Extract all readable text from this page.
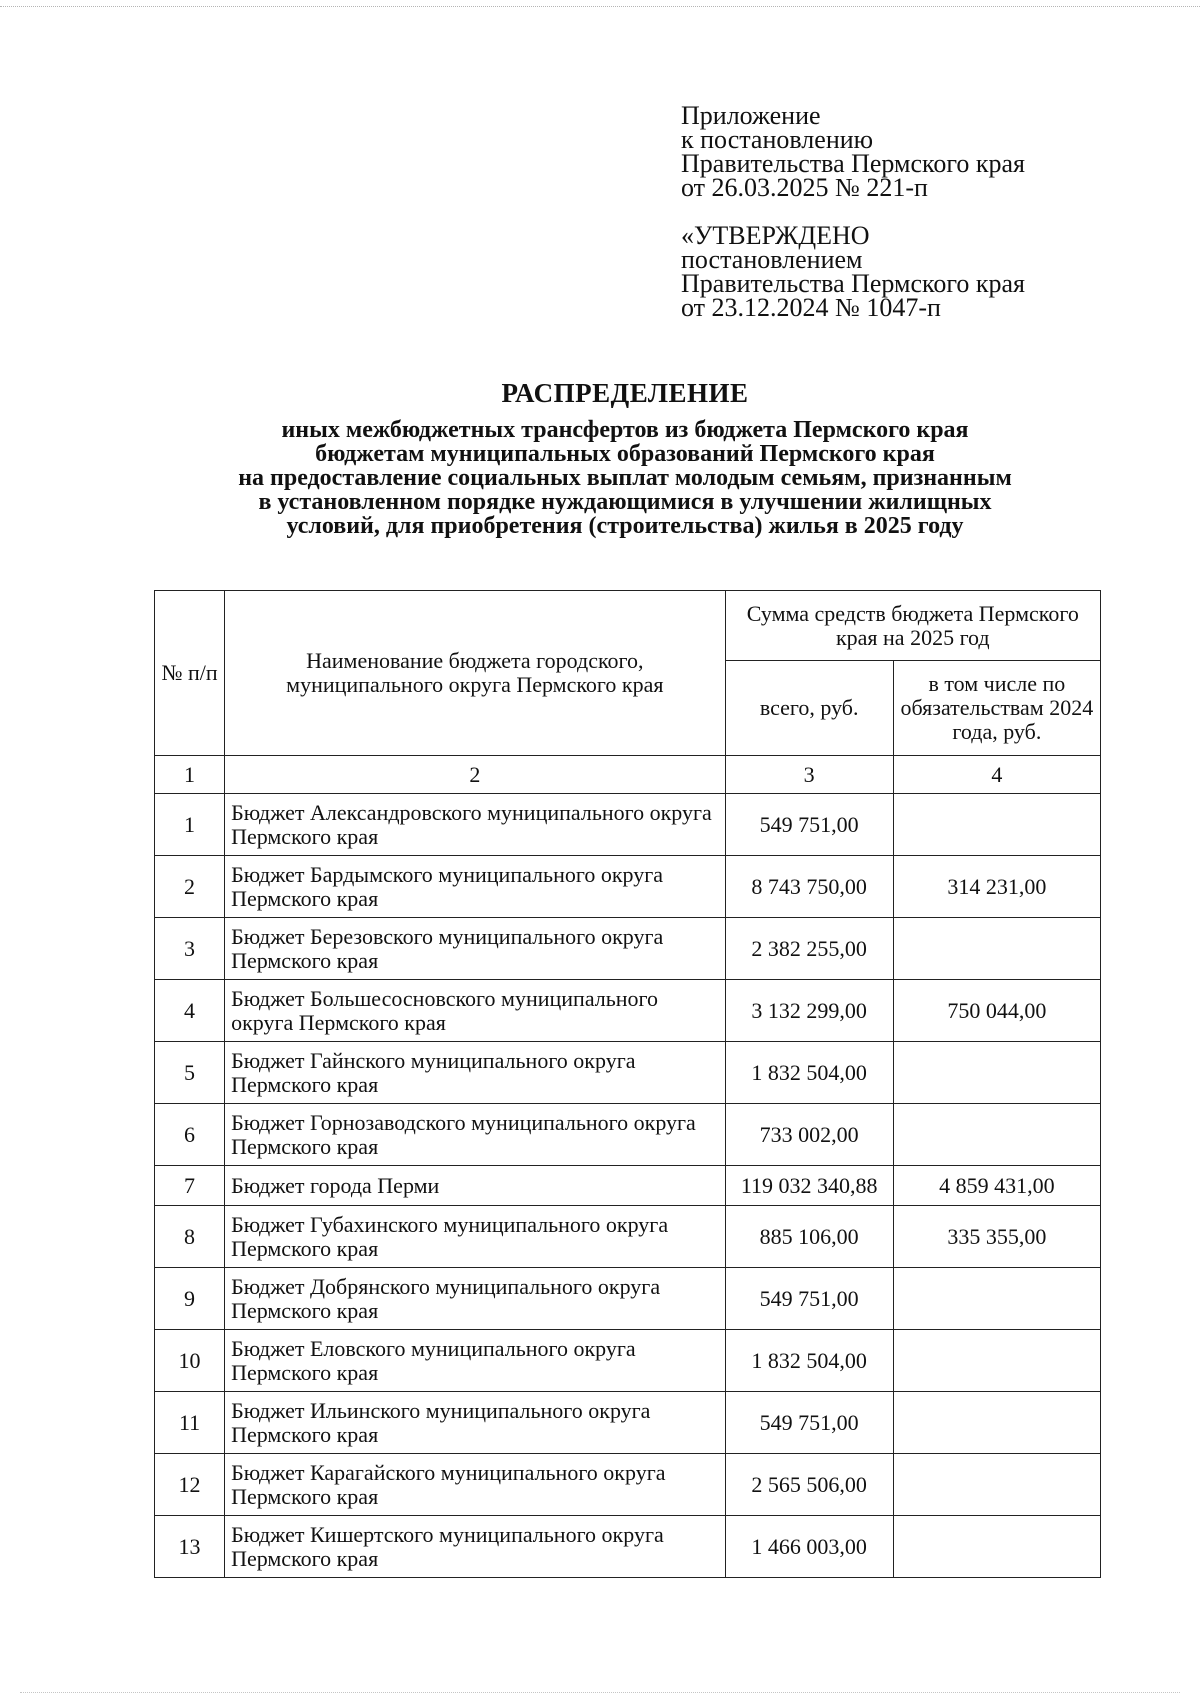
Приложение
к постановлению
Правительства Пермского края
от 26.03.2025 № 221-п
«УТВЕРЖДЕНО
постановлением
Правительства Пермского края
от 23.12.2024 № 1047-п
РАСПРЕДЕЛЕНИЕ
иных межбюджетных трансфертов из бюджета Пермского края
бюджетам муниципальных образований Пермского края
на предоставление социальных выплат молодым семьям, признанным
в установленном порядке нуждающимися в улучшении жилищных
условий, для приобретения (строительства) жилья в 2025 году
№ п/п	Наименование бюджета городского, муниципального округа Пермского края	Сумма средств бюджета Пермского края на 2025 год	
		всего, руб.	в том числе по обязательствам 2024 года, руб.
1	2	3	4
1	Бюджет Александровского муниципального округа Пермского края	549 751,00	
2	Бюджет Бардымского муниципального округа Пермского края	8 743 750,00	314 231,00
3	Бюджет Березовского муниципального округа Пермского края	2 382 255,00	
4	Бюджет Большесосновского муниципального округа Пермского края	3 132 299,00	750 044,00
5	Бюджет Гайнского муниципального округа Пермского края	1 832 504,00	
6	Бюджет Горнозаводского муниципального округа Пермского края	733 002,00	
7	Бюджет города Перми	119 032 340,88	4 859 431,00
8	Бюджет Губахинского муниципального округа Пермского края	885 106,00	335 355,00
9	Бюджет Добрянского муниципального округа Пермского края	549 751,00	
10	Бюджет Еловского муниципального округа Пермского края	1 832 504,00	
11	Бюджет Ильинского муниципального округа Пермского края	549 751,00	
12	Бюджет Карагайского муниципального округа Пермского края	2 565 506,00	
13	Бюджет Кишертского муниципального округа Пермского края	1 466 003,00	
